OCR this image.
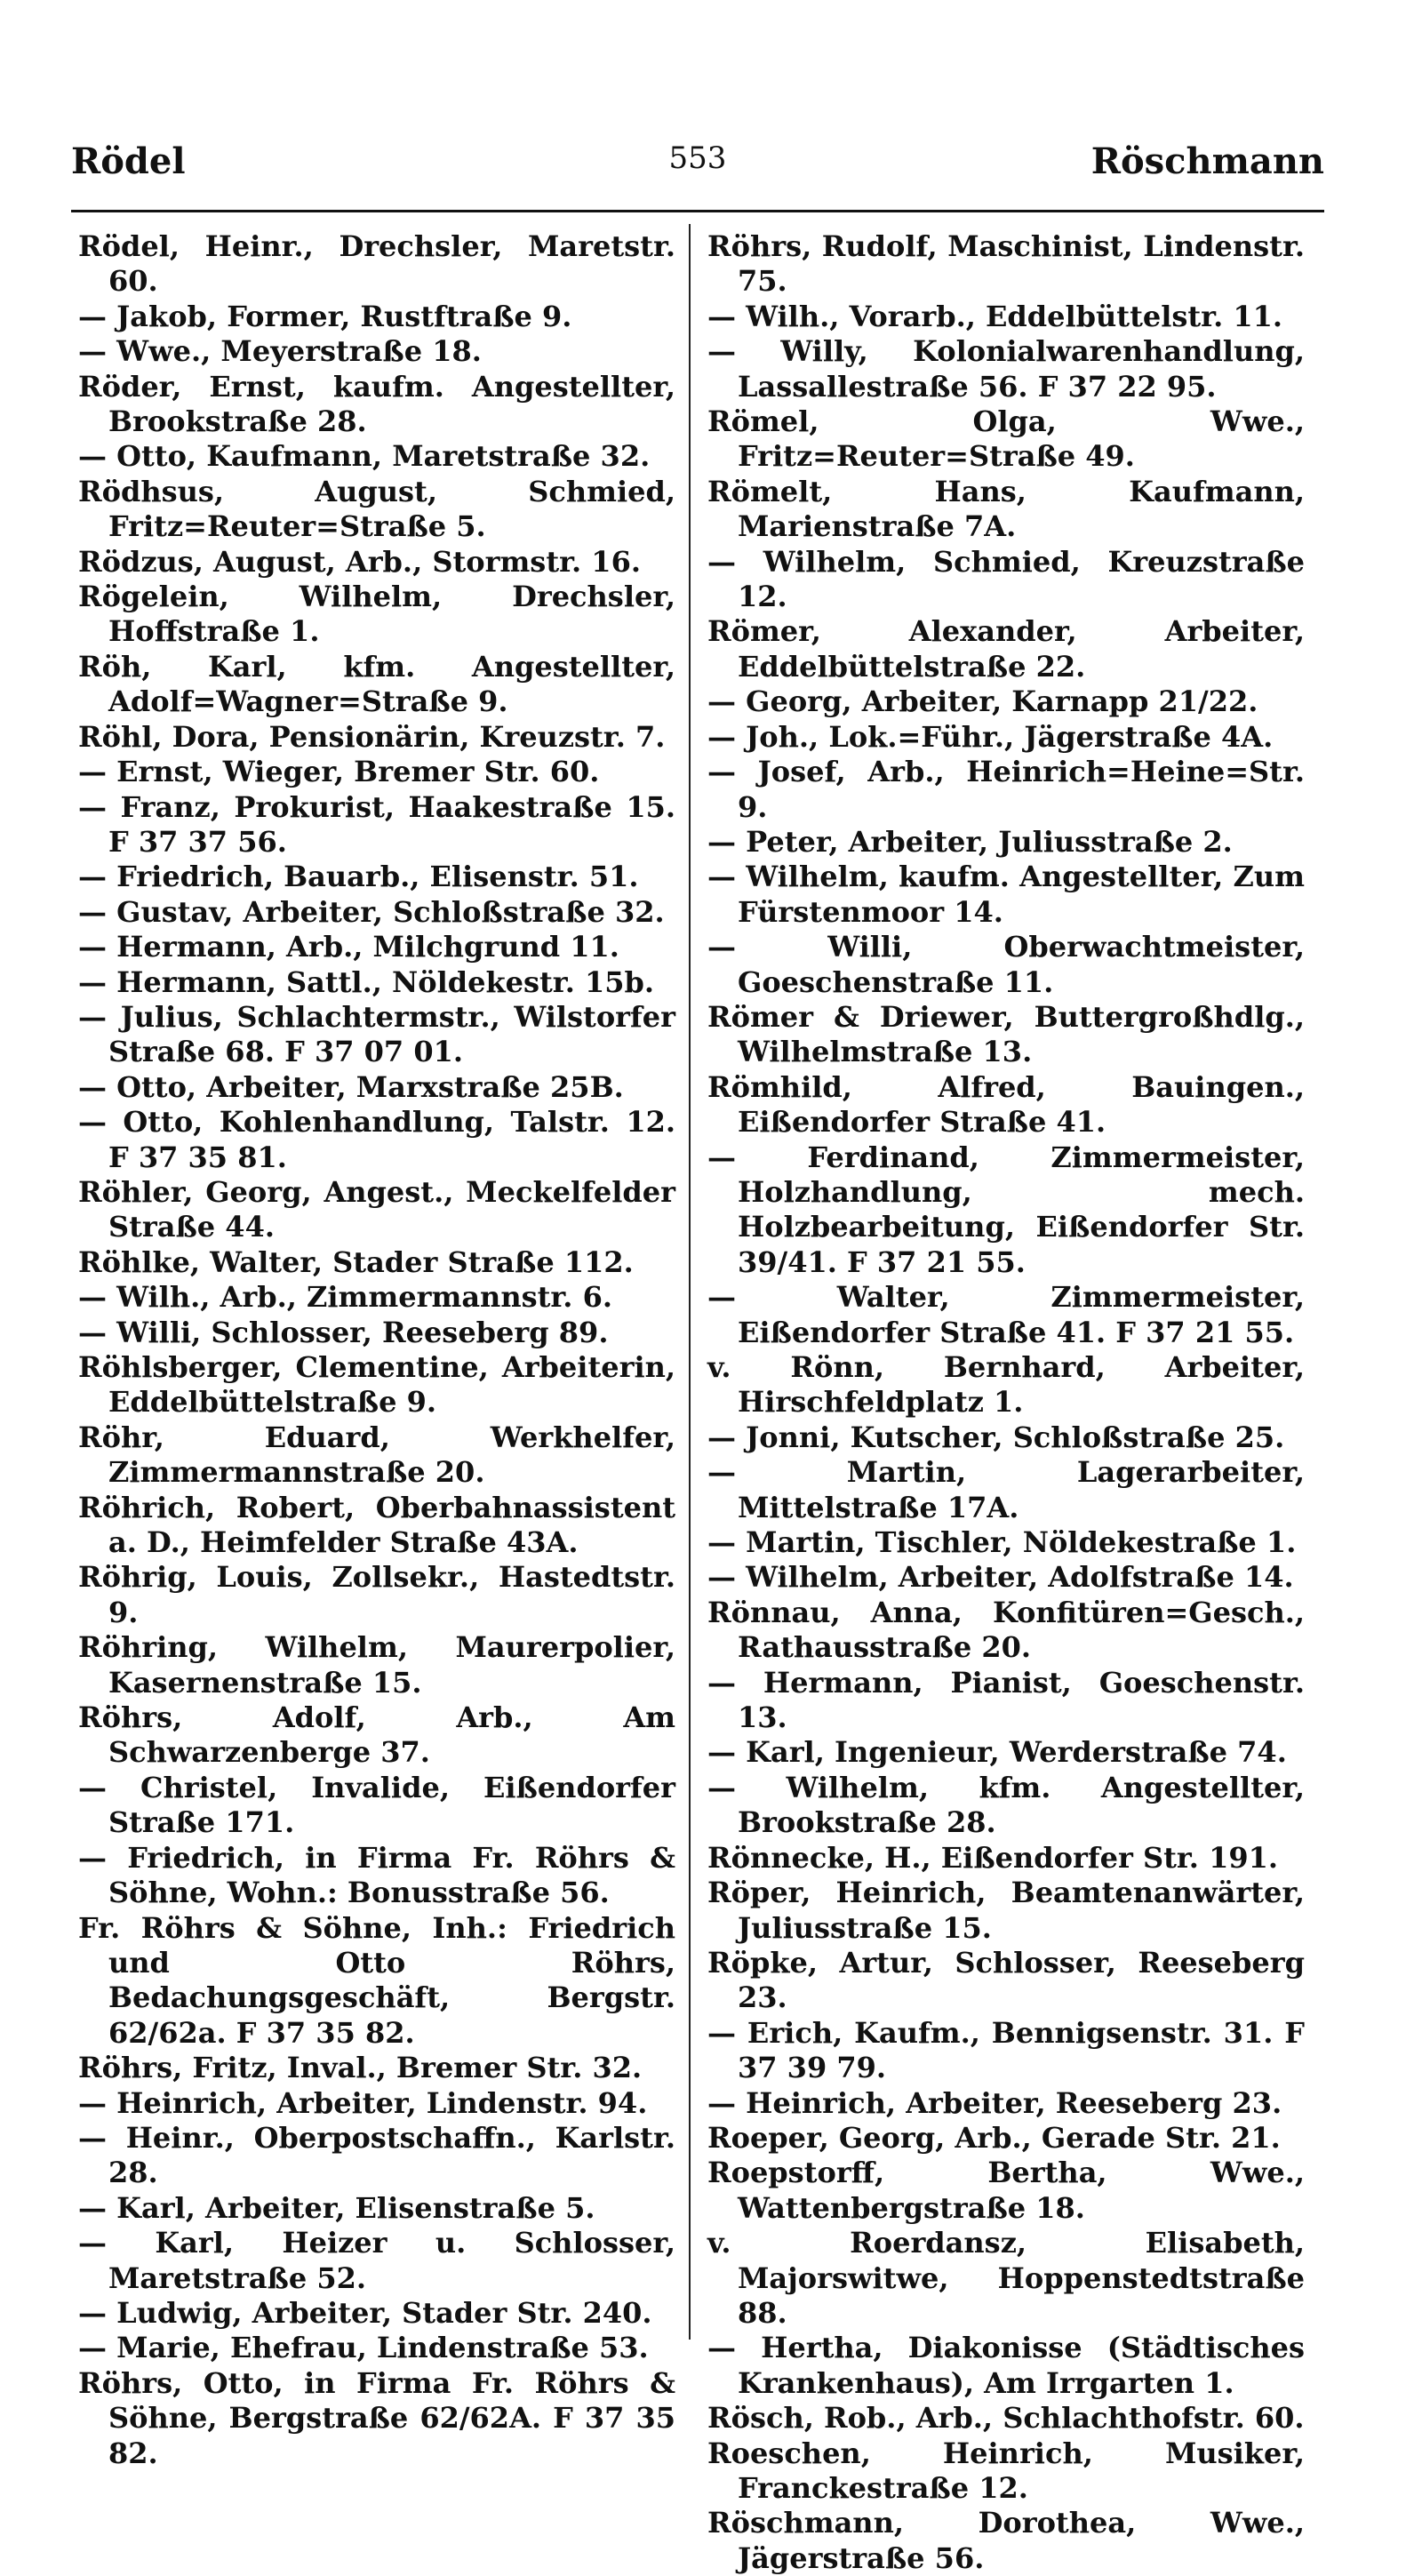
Rödel	553	Röschmann

Rödel, Heinr., Drechsler, Maretstr. 60.

— Jakob, Former, Rustftraße 9.

— Wwe., Meyerstraße 18.

Röder, Ernst, kaufm. Angestellter, Brookstraße 28.

— Otto, Kaufmann, Maretstraße 32.

Rödhsus, August, Schmied, Fritz=Reuter=Straße 5.

Rödzus, August, Arb., Stormstr. 16.

Rögelein, Wilhelm, Drechsler, Hoffstraße 1.

Röh, Karl, kfm. Angestellter, Adolf=Wagner=Straße 9.

Röhl, Dora, Pensionärin, Kreuzstr. 7.

— Ernst, Wieger, Bremer Str. 60.

— Franz, Prokurist, Haakestraße 15. F 37 37 56.

— Friedrich, Bauarb., Elisenstr. 51.

— Gustav, Arbeiter, Schloßstraße 32.

— Hermann, Arb., Milchgrund 11.

— Hermann, Sattl., Nöldekestr. 15b.

— Julius, Schlachtermstr., Wilstorfer Straße 68. F 37 07 01.

— Otto, Arbeiter, Marxstraße 25B.

— Otto, Kohlenhandlung, Talstr. 12. F 37 35 81.

Röhler, Georg, Angest., Meckelfelder Straße 44.

Röhlke, Walter, Stader Straße 112.

— Wilh., Arb., Zimmermannstr. 6.

— Willi, Schlosser, Reeseberg 89.

Röhlsberger, Clementine, Arbeiterin, Eddelbüttelstraße 9.

Röhr, Eduard, Werkhelfer, Zimmermannstraße 20.

Röhrich, Robert, Oberbahnassistent a. D., Heimfelder Straße 43A.

Röhrig, Louis, Zollsekr., Hastedtstr. 9.

Röhring, Wilhelm, Maurerpolier, Kasernenstraße 15.

Röhrs, Adolf, Arb., Am Schwarzenberge 37.

— Christel, Invalide, Eißendorfer Straße 171.

— Friedrich, in Firma Fr. Röhrs & Söhne, Wohn.: Bonusstraße 56.

Fr. Röhrs & Söhne, Inh.: Friedrich und Otto Röhrs, Bedachungsgeschäft, Bergstr. 62/62a. F 37 35 82.

Röhrs, Fritz, Inval., Bremer Str. 32.

— Heinrich, Arbeiter, Lindenstr. 94.

— Heinr., Oberpostschaffn., Karlstr. 28.

— Karl, Arbeiter, Elisenstraße 5.

— Karl, Heizer u. Schlosser, Maretstraße 52.

— Ludwig, Arbeiter, Stader Str. 240.

— Marie, Ehefrau, Lindenstraße 53.

Röhrs, Otto, in Firma Fr. Röhrs & Söhne, Bergstraße 62/62A. F 37 35 82.

Röhrs, Rudolf, Maschinist, Lindenstr. 75.

— Wilh., Vorarb., Eddelbüttelstr. 11.

— Willy, Kolonialwarenhandlung, Lassallestraße 56. F 37 22 95.

Römel, Olga, Wwe., Fritz=Reuter=Straße 49.

Römelt, Hans, Kaufmann, Marienstraße 7A.

— Wilhelm, Schmied, Kreuzstraße 12.

Römer, Alexander, Arbeiter, Eddelbüttelstraße 22.

— Georg, Arbeiter, Karnapp 21/22.

— Joh., Lok.=Führ., Jägerstraße 4A.

— Josef, Arb., Heinrich=Heine=Str. 9.

— Peter, Arbeiter, Juliusstraße 2.

— Wilhelm, kaufm. Angestellter, Zum Fürstenmoor 14.

— Willi, Oberwachtmeister, Goeschenstraße 11.

Römer & Driewer, Buttergroßhdlg., Wilhelmstraße 13.

Römhild, Alfred, Bauingen., Eißendorfer Straße 41.

— Ferdinand, Zimmermeister, Holzhandlung, mech. Holzbearbeitung, Eißendorfer Str. 39/41. F 37 21 55.

— Walter, Zimmermeister, Eißendorfer Straße 41. F 37 21 55.

v. Rönn, Bernhard, Arbeiter, Hirschfeldplatz 1.

— Jonni, Kutscher, Schloßstraße 25.

— Martin, Lagerarbeiter, Mittelstraße 17A.

— Martin, Tischler, Nöldekestraße 1.

— Wilhelm, Arbeiter, Adolfstraße 14.

Rönnau, Anna, Konfitüren=Gesch., Rathausstraße 20.

— Hermann, Pianist, Goeschenstr. 13.

— Karl, Ingenieur, Werderstraße 74.

— Wilhelm, kfm. Angestellter, Brookstraße 28.

Rönnecke, H., Eißendorfer Str. 191.

Röper, Heinrich, Beamtenanwärter, Juliusstraße 15.

Röpke, Artur, Schlosser, Reeseberg 23.

— Erich, Kaufm., Bennigsenstr. 31. F 37 39 79.

— Heinrich, Arbeiter, Reeseberg 23.

Roeper, Georg, Arb., Gerade Str. 21.

Roepstorff, Bertha, Wwe., Wattenbergstraße 18.

v. Roerdansz, Elisabeth, Majorswitwe, Hoppenstedtstraße 88.

— Hertha, Diakonisse (Städtisches Krankenhaus), Am Irrgarten 1.

Rösch, Rob., Arb., Schlachthofstr. 60.

Roeschen, Heinrich, Musiker, Franckestraße 12.

Röschmann, Dorothea, Wwe., Jägerstraße 56.
